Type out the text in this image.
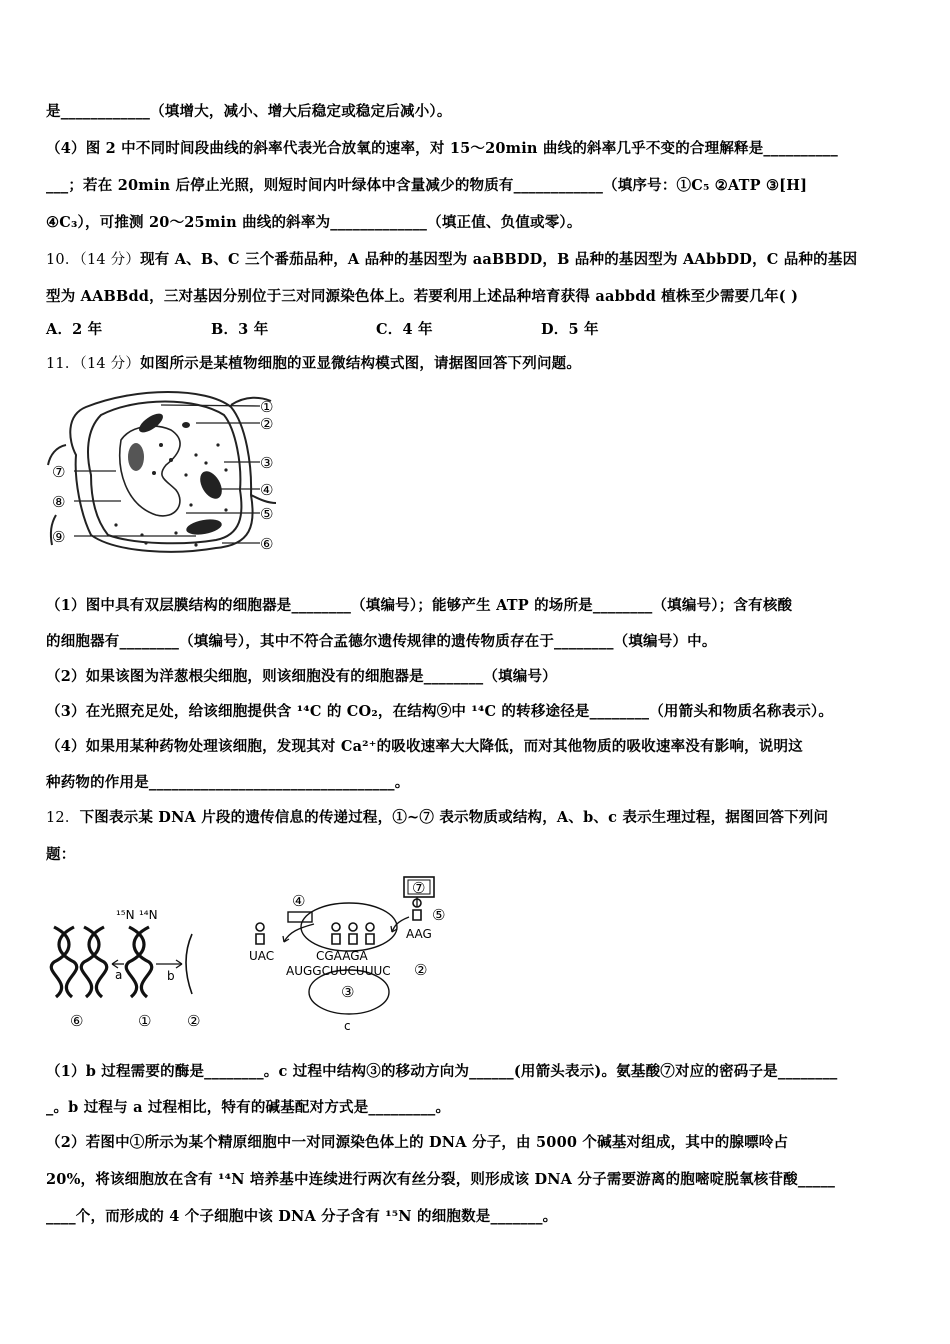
是____________（填增大，减小、增大后稳定或稳定后减小）。
（4）图 2 中不同时间段曲线的斜率代表光合放氧的速率，对 15～20min 曲线的斜率几乎不变的合理解释是__________
___；若在 20min 后停止光照，则短时间内叶绿体中含量减少的物质有____________（填序号：①C₅ ②ATP ③[H]
④C₃），可推测 20～25min 曲线的斜率为_____________（填正值、负值或零）。
10．（14 分）现有 A、B、C 三个番茄品种，A 品种的基因型为 aaBBDD，B 品种的基因型为 AAbbDD，C 品种的基因
型为 AABBdd，三对基因分别位于三对同源染色体上。若要利用上述品种培育获得 aabbdd 植株至少需要几年( )
A．2 年	B．3 年	C．4 年	D．5 年
11．（14 分）如图所示是某植物细胞的亚显微结构模式图，请据图回答下列问题。
①
②
③
④
⑤
⑥
⑦
⑧
⑨
（1）图中具有双层膜结构的细胞器是________（填编号）；能够产生 ATP 的场所是________（填编号）；含有核酸
的细胞器有________（填编号），其中不符合孟德尔遗传规律的遗传物质存在于________（填编号）中。
（2）如果该图为洋葱根尖细胞，则该细胞没有的细胞器是________（填编号）
（3）在光照充足处，给该细胞提供含 ¹⁴C 的 CO₂，在结构⑨中 ¹⁴C 的转移途径是________（用箭头和物质名称表示）。
（4）如果用某种药物处理该细胞，发现其对 Ca²⁺的吸收速率大大降低，而对其他物质的吸收速率没有影响，说明这
种药物的作用是_________________________________。
12．下图表示某 DNA 片段的遗传信息的传递过程，①~⑦ 表示物质或结构，A、b、c 表示生理过程，据图回答下列问
题：
¹⁵N ¹⁴N
a	b
c
UAC
AAG
CGAAGA
AUGGCUUCUUUC
⑥	① ②
②
③
④
⑤
⑦
（1）b 过程需要的酶是________。c 过程中结构③的移动方向为______(用箭头表示)。氨基酸⑦对应的密码子是________
_。b 过程与 a 过程相比，特有的碱基配对方式是_________。
（2）若图中①所示为某个精原细胞中一对同源染色体上的 DNA 分子，由 5000 个碱基对组成，其中的腺嘌呤占
20%，将该细胞放在含有 ¹⁴N 培养基中连续进行两次有丝分裂，则形成该 DNA 分子需要游离的胞嘧啶脱氧核苷酸_____
____个，而形成的 4 个子细胞中该 DNA 分子含有 ¹⁵N 的细胞数是_______。
